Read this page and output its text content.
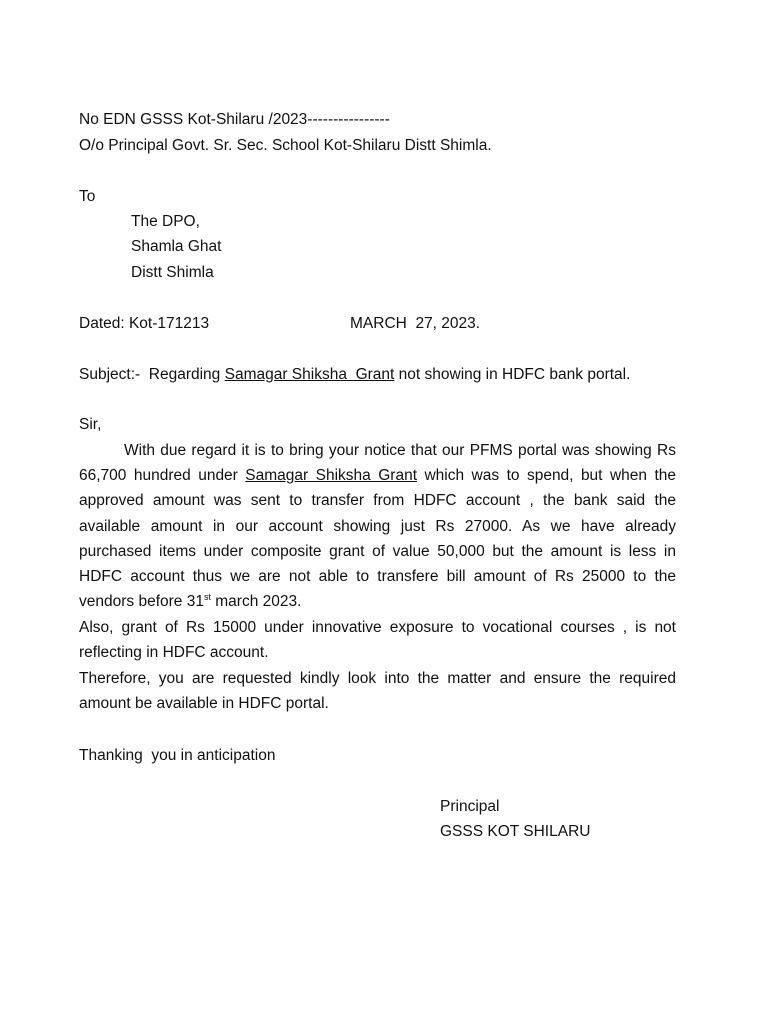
No EDN GSSS Kot-Shilaru /2023----------------
O/o Principal Govt. Sr. Sec. School Kot-Shilaru Distt Shimla.
To
The DPO,
Shamla Ghat
Distt Shimla
Dated: Kot-171213	MARCH  27, 2023.
Subject:-  Regarding Samagar Shiksha  Grant not showing in HDFC bank portal.
Sir,
With due regard it is to bring your notice that our PFMS portal was showing Rs 66,700 hundred under Samagar Shiksha Grant which was to spend, but when the approved amount was sent to transfer from HDFC account , the bank said the available amount in our account showing just Rs 27000. As we have already purchased items under composite grant of value 50,000 but the amount is less in HDFC account thus we are not able to transfere bill amount of Rs 25000 to the vendors before 31st march 2023.
Also, grant of Rs 15000 under innovative exposure to vocational courses , is not reflecting in HDFC account.
Therefore, you are requested kindly look into the matter and ensure the required amount be available in HDFC portal.
Thanking  you in anticipation
Principal
GSSS KOT SHILARU
